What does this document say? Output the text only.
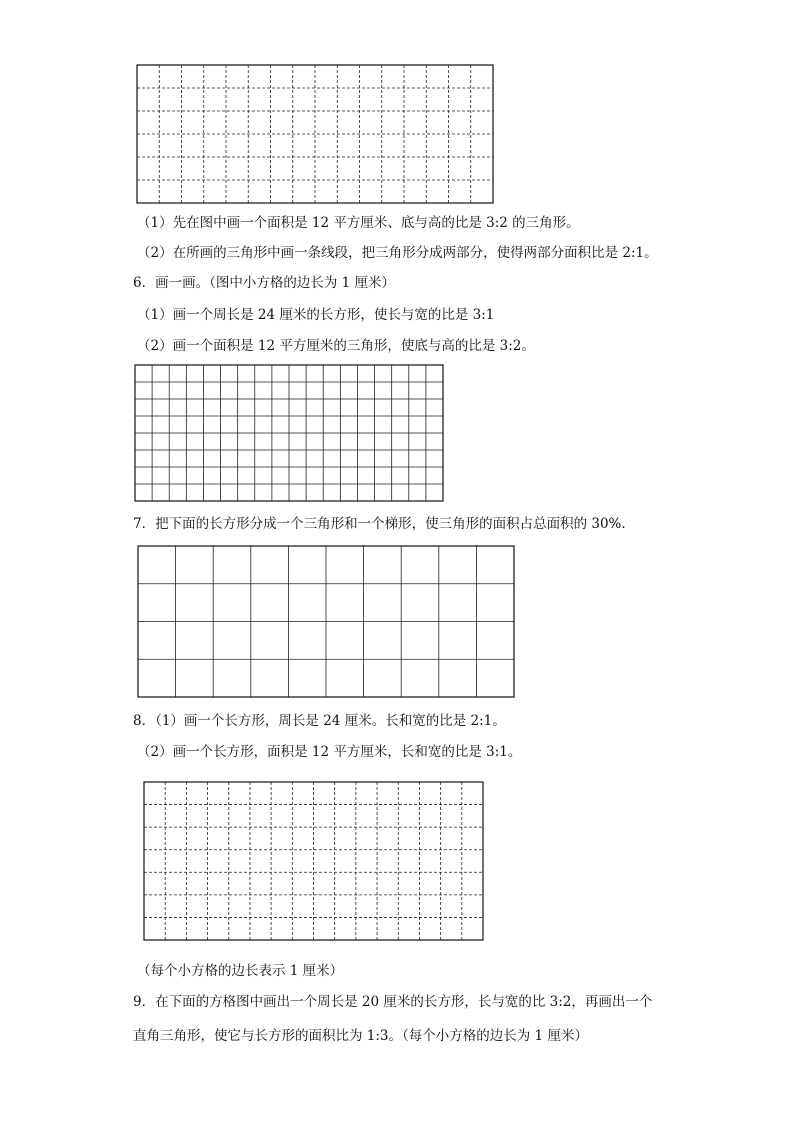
（1）先在图中画一个面积是 12 平方厘米、底与高的比是 3:2 的三角形。
（2）在所画的三角形中画一条线段，把三角形分成两部分，使得两部分面积比是 2:1。
6．画一画。（图中小方格的边长为 1 厘米）
（1）画一个周长是 24 厘米的长方形，使长与宽的比是 3:1
（2）画一个面积是 12 平方厘米的三角形，使底与高的比是 3:2。
7．把下面的长方形分成一个三角形和一个梯形，使三角形的面积占总面积的 30%.
8．（1）画一个长方形，周长是 24 厘米。长和宽的比是 2:1。
（2）画一个长方形，面积是 12 平方厘米，长和宽的比是 3:1。
（每个小方格的边长表示 1 厘米）
9．在下面的方格图中画出一个周长是 20 厘米的长方形，长与宽的比 3:2，再画出一个
直角三角形，使它与长方形的面积比为 1:3。（每个小方格的边长为 1 厘米）
